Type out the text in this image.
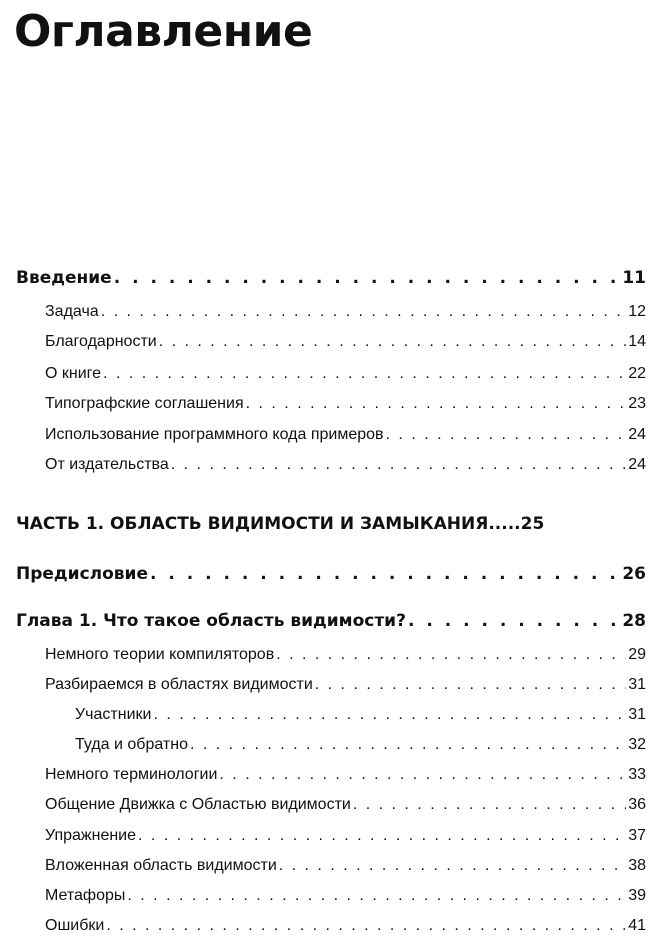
Оглавление
Введение . . .	11
Задача . . .	12
Благодарности . . .	14
О книге . . .	22
Типографские соглашения . . .	23
Использование программного кода примеров . . .	24
От издательства . . .	24
ЧАСТЬ 1. ОБЛАСТЬ ВИДИМОСТИ И ЗАМЫКАНИЯ.....25
Предисловие . . .	26
Глава 1. Что такое область видимости? . . .	28
Немного теории компиляторов . . .	29
Разбираемся в областях видимости . . .	31
Участники . . .	31
Туда и обратно . . .	32
Немного терминологии . . .	33
Общение Движка с Областью видимости . . .	36
Упражнение . . .	37
Вложенная область видимости . . .	38
Метафоры . . .	39
Ошибки . . .	41
